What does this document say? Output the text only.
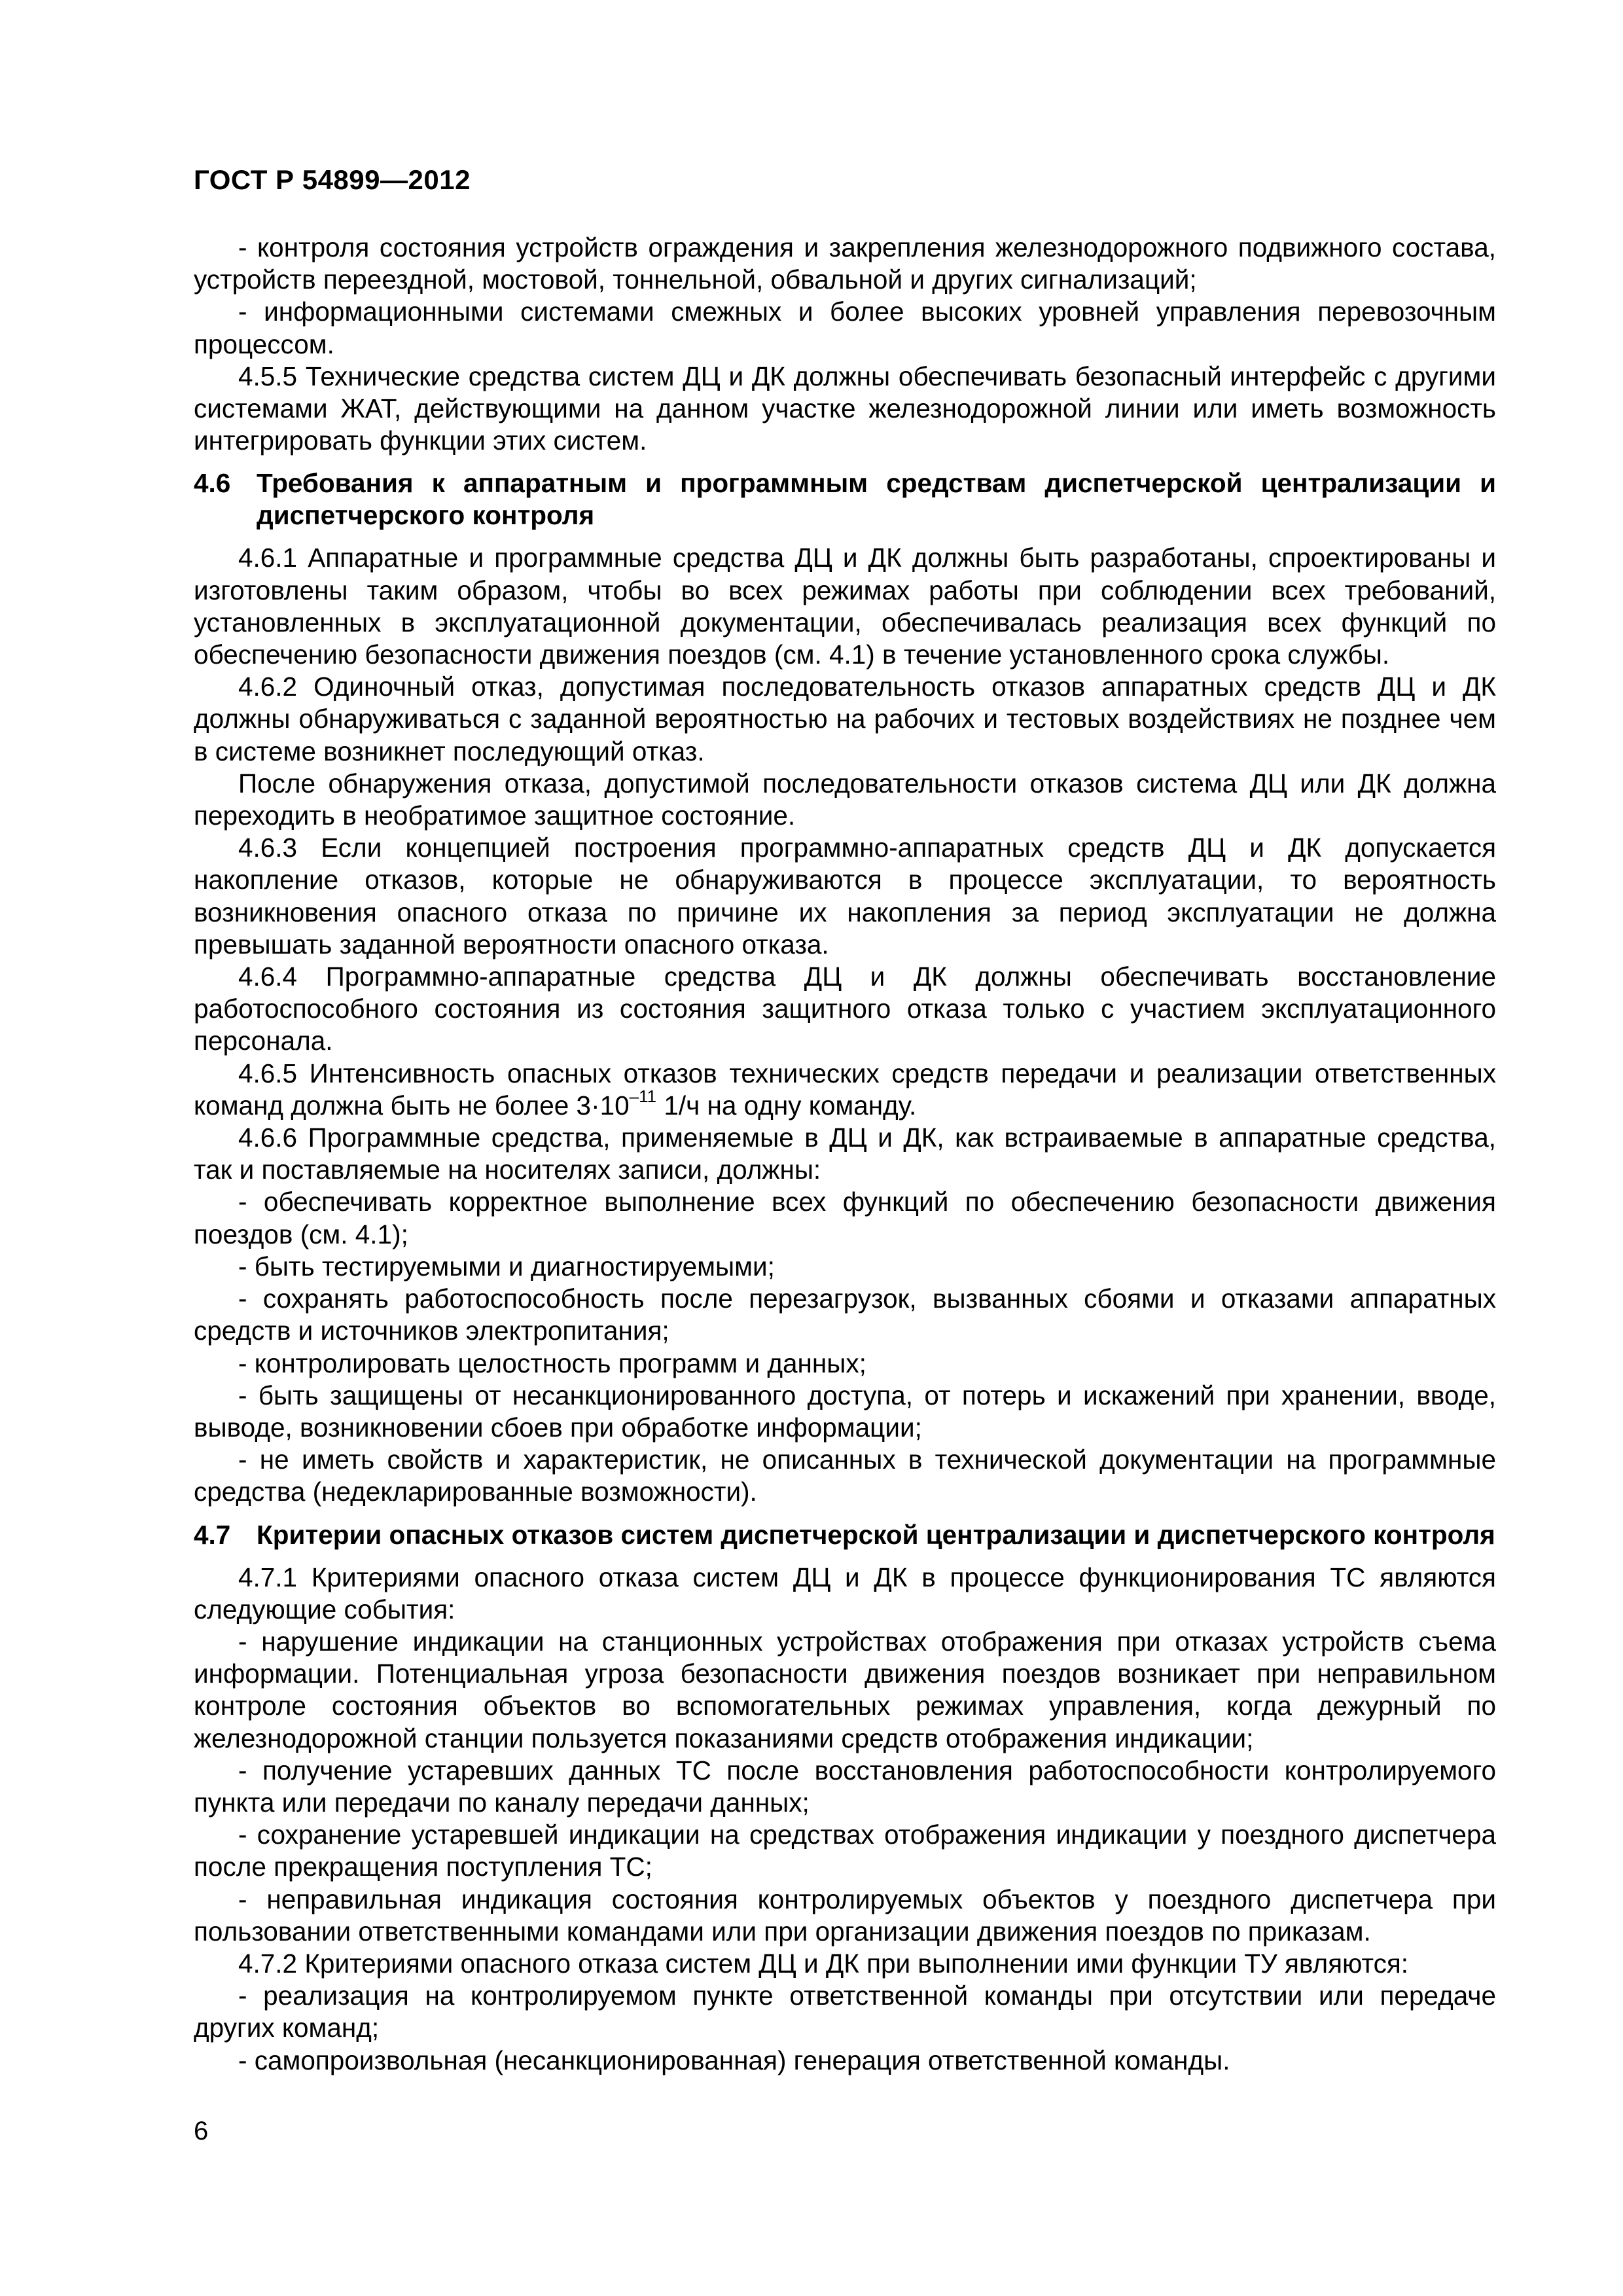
ГОСТ Р 54899—2012

- контроля состояния устройств ограждения и закрепления железнодорожного подвижного состава, устройств переездной, мостовой, тоннельной, обвальной и других сигнализаций;

- информационными системами смежных и более высоких уровней управления перевозочным процессом.

4.5.5 Технические средства систем ДЦ и ДК должны обеспечивать безопасный интерфейс с другими системами ЖАТ, действующими на данном участке железнодорожной линии или иметь возможность интегрировать функции этих систем.

4.6 Требования к аппаратным и программным средствам диспетчерской централизации и диспетчерского контроля

4.6.1 Аппаратные и программные средства ДЦ и ДК должны быть разработаны, спроектированы и изготовлены таким образом, чтобы во всех режимах работы при соблюдении всех требований, установленных в эксплуатационной документации, обеспечивалась реализация всех функций по обеспечению безопасности движения поездов (см. 4.1) в течение установленного срока службы.

4.6.2 Одиночный отказ, допустимая последовательность отказов аппаратных средств ДЦ и ДК должны обнаруживаться с заданной вероятностью на рабочих и тестовых воздействиях не позднее чем в системе возникнет последующий отказ.

После обнаружения отказа, допустимой последовательности отказов система ДЦ или ДК должна переходить в необратимое защитное состояние.

4.6.3 Если концепцией построения программно-аппаратных средств ДЦ и ДК допускается накопление отказов, которые не обнаруживаются в процессе эксплуатации, то вероятность возникновения опасного отказа по причине их накопления за период эксплуатации не должна превышать заданной вероятности опасного отказа.

4.6.4 Программно-аппаратные средства ДЦ и ДК должны обеспечивать восстановление работоспособного состояния из состояния защитного отказа только с участием эксплуатационного персонала.

4.6.5 Интенсивность опасных отказов технических средств передачи и реализации ответственных команд должна быть не более $3\cdot 10^{-11}$ 1/ч на одну команду.

4.6.6 Программные средства, применяемые в ДЦ и ДК, как встраиваемые в аппаратные средства, так и поставляемые на носителях записи, должны:

- обеспечивать корректное выполнение всех функций по обеспечению безопасности движения поездов (см. 4.1);

- быть тестируемыми и диагностируемыми;

- сохранять работоспособность после перезагрузок, вызванных сбоями и отказами аппаратных средств и источников электропитания;

- контролировать целостность программ и данных;

- быть защищены от несанкционированного доступа, от потерь и искажений при хранении, вводе, выводе, возникновении сбоев при обработке информации;

- не иметь свойств и характеристик, не описанных в технической документации на программные средства (недекларированные возможности).

4.7 Критерии опасных отказов систем диспетчерской централизации и диспетчерского контроля

4.7.1 Критериями опасного отказа систем ДЦ и ДК в процессе функционирования ТС являются следующие события:

- нарушение индикации на станционных устройствах отображения при отказах устройств съема информации. Потенциальная угроза безопасности движения поездов возникает при неправильном контроле состояния объектов во вспомогательных режимах управления, когда дежурный по железнодорожной станции пользуется показаниями средств отображения индикации;

- получение устаревших данных ТС после восстановления работоспособности контролируемого пункта или передачи по каналу передачи данных;

- сохранение устаревшей индикации на средствах отображения индикации у поездного диспетчера после прекращения поступления ТС;

- неправильная индикация состояния контролируемых объектов у поездного диспетчера при пользовании ответственными командами или при организации движения поездов по приказам.

4.7.2 Критериями опасного отказа систем ДЦ и ДК при выполнении ими функции ТУ являются:

- реализация на контролируемом пункте ответственной команды при отсутствии или передаче других команд;

- самопроизвольная (несанкционированная) генерация ответственной команды.

6
